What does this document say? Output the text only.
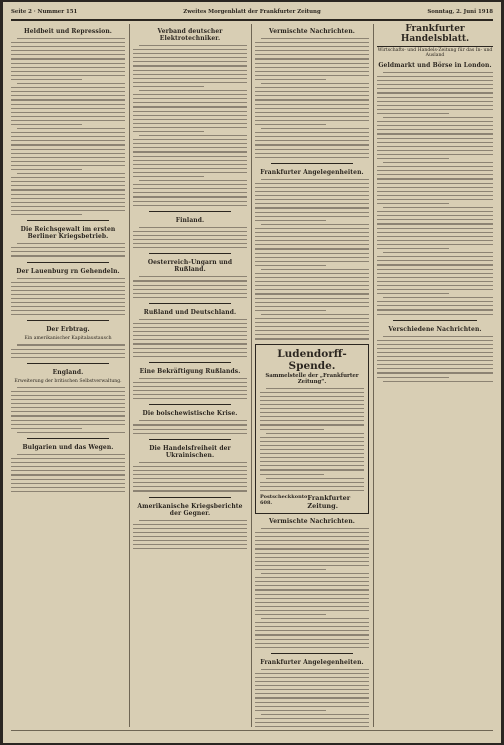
Seite 2 · Nummer 151	Zweites Morgenblatt der Frankfurter Zeitung	Sonntag, 2. Juni 1918
Heldbeit und Repression.
Die Reichsgewalt im ersten Berliner Kriegsbetrieb.
Der Lauenburg rn Gehendeln.
Der Erbtrag.
Ein amerikanischer Kapitalaustausch
England.
Erweiterung der britischen Selbstverwaltung.
Bulgarien und das Wegen.
Verband deutscher Elektrotechniker.
Finland.
Oesterreich-Ungarn und Rußland.
Rußland und Deutschland.
Eine Bekräftigung Rußlands.
Die bolschewistische Krise.
Die Handelsfreiheit der Ukrainischen.
Amerikanische Kriegsberichte der Gegner.
Vermischte Nachrichten.
Frankfurter Angelegenheiten.
Ludendorff-Spende.
Sammelstelle der „Frankfurter Zeitung“.
Postscheckkonto 608.
Frankfurter Zeitung.
Vermischte Nachrichten.
Frankfurter Angelegenheiten.
Frankfurter Handelsblatt.
Wirtschafts- und Handels-Zeitung für das In- und Ausland
Geldmarkt und Börse in London.
Verschiedene Nachrichten.
